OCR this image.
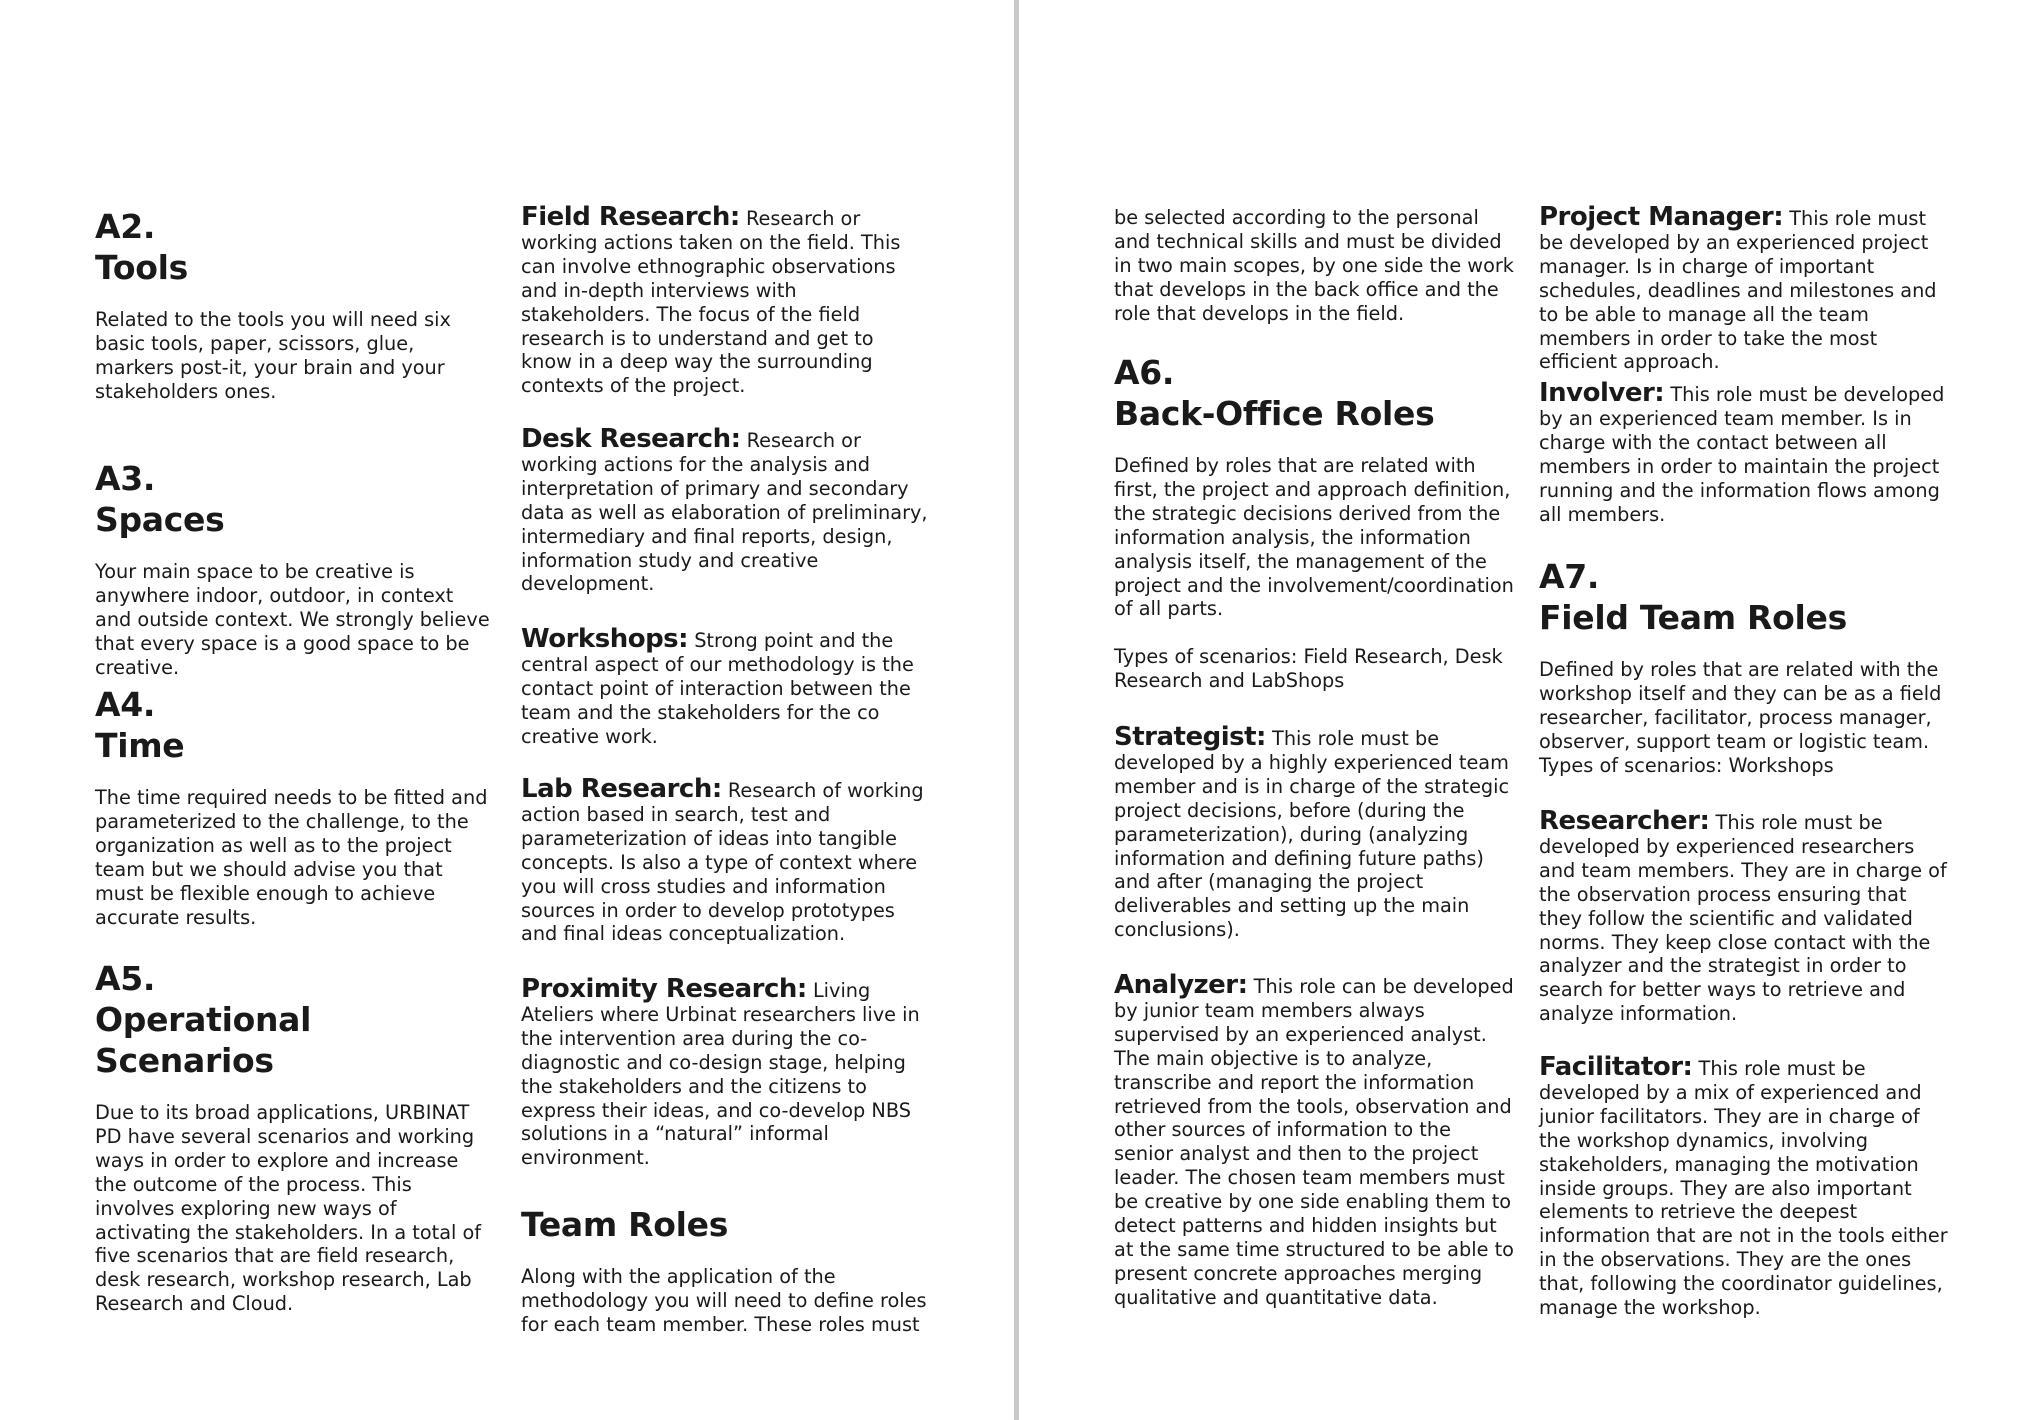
A2.
Tools

Related to the tools you will need six basic tools, paper, scissors, glue, markers post-it, your brain and your stakeholders ones.

A3.
Spaces

Your main space to be creative is anywhere indoor, outdoor, in context and outside context. We strongly believe that every space is a good space to be creative.

A4.
Time

The time required needs to be fitted and parameterized to the challenge, to the organization as well as to the project team but we should advise you that must be flexible enough to achieve accurate results.

A5.
Operational
Scenarios

Due to its broad applications, URBINAT PD have several scenarios and working ways in order to explore and increase the outcome of the process. This involves exploring new ways of activating the stakeholders. In a total of five scenarios that are field research, desk research, workshop research, Lab Research and Cloud.

Field Research: Research or working actions taken on the field. This can involve ethnographic observations and in-depth interviews with stakeholders. The focus of the field research is to understand and get to know in a deep way the surrounding contexts of the project.

Desk Research: Research or working actions for the analysis and interpretation of primary and secondary data as well as elaboration of preliminary, intermediary and final reports, design, information study and creative development.

Workshops: Strong point and the central aspect of our methodology is the contact point of interaction between the team and the stakeholders for the co creative work.

Lab Research: Research of working action based in search, test and parameterization of ideas into tangible concepts. Is also a type of context where you will cross studies and information sources in order to develop prototypes and final ideas conceptualization.

Proximity Research: Living Ateliers where Urbinat researchers live in the intervention area during the co-diagnostic and co-design stage, helping the stakeholders and the citizens to express their ideas, and co-develop NBS solutions in a “natural” informal environment.

Team Roles

Along with the application of the methodology you will need to define roles for each team member. These roles must

be selected according to the personal and technical skills and must be divided in two main scopes, by one side the work that develops in the back office and the role that develops in the field.

A6.
Back-Office Roles

Defined by roles that are related with first, the project and approach definition, the strategic decisions derived from the information analysis, the information analysis itself, the management of the project and the involvement/coordination of all parts.

Types of scenarios: Field Research, Desk Research and LabShops

Strategist: This role must be developed by a highly experienced team member and is in charge of the strategic project decisions, before (during the parameterization), during (analyzing information and defining future paths) and after (managing the project deliverables and setting up the main conclusions).

Analyzer: This role can be developed by junior team members always supervised by an experienced analyst. The main objective is to analyze, transcribe and report the information retrieved from the tools, observation and other sources of information to the senior analyst and then to the project leader. The chosen team members must be creative by one side enabling them to detect patterns and hidden insights but at the same time structured to be able to present concrete approaches merging qualitative and quantitative data.

Project Manager: This role must be developed by an experienced project manager. Is in charge of important schedules, deadlines and milestones and to be able to manage all the team members in order to take the most efficient approach.

Involver: This role must be developed by an experienced team member. Is in charge with the contact between all members in order to maintain the project running and the information flows among all members.

A7.
Field Team Roles

Defined by roles that are related with the workshop itself and they can be as a field researcher, facilitator, process manager, observer, support team or logistic team. Types of scenarios: Workshops

Researcher: This role must be developed by experienced researchers and team members. They are in charge of the observation process ensuring that they follow the scientific and validated norms. They keep close contact with the analyzer and the strategist in order to search for better ways to retrieve and analyze information.

Facilitator: This role must be developed by a mix of experienced and junior facilitators. They are in charge of the workshop dynamics, involving stakeholders, managing the motivation inside groups. They are also important elements to retrieve the deepest information that are not in the tools either in the observations. They are the ones that, following the coordinator guidelines, manage the workshop.
